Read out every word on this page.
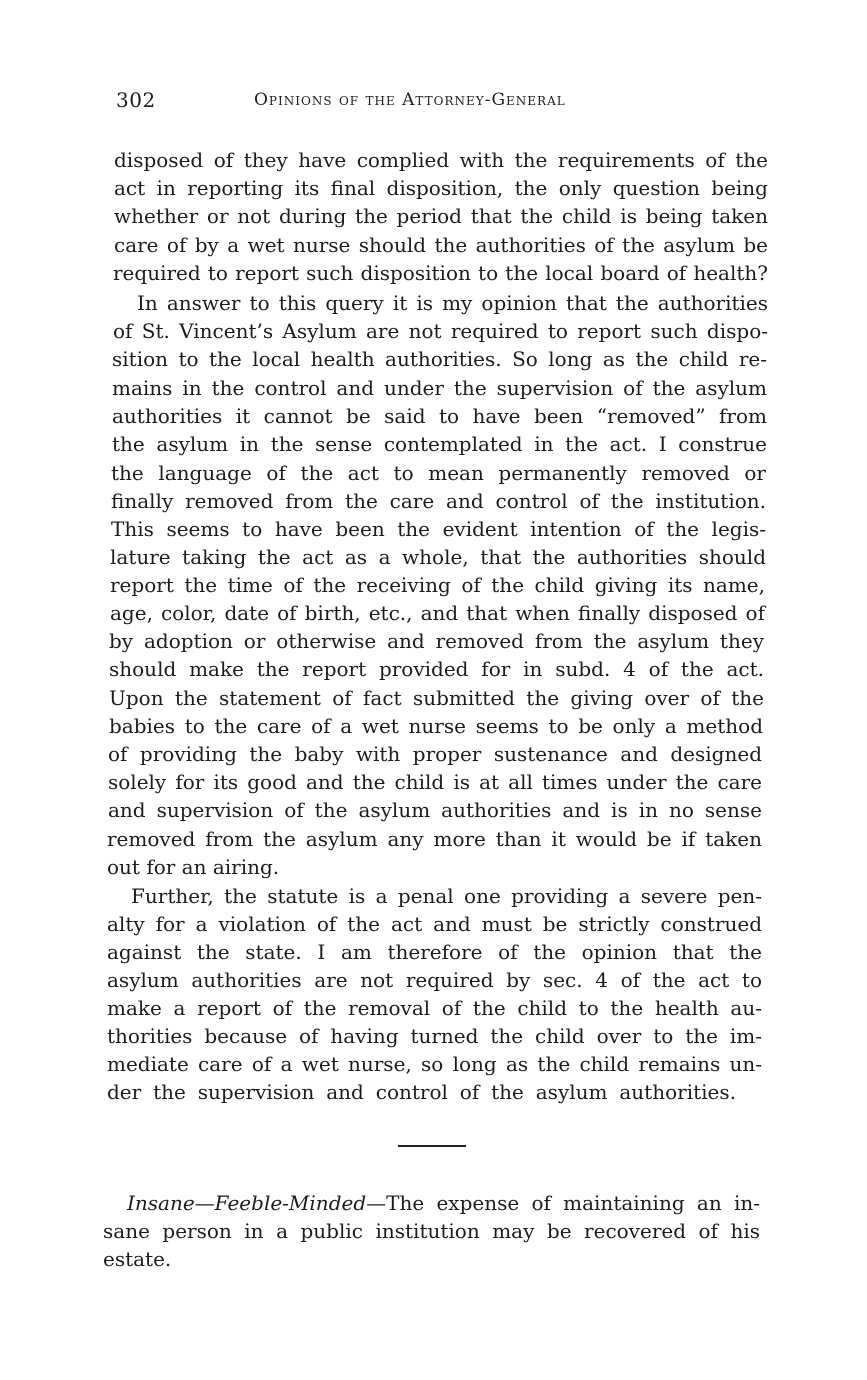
302	Opinions of the Attorney-General
disposed of they have complied with the requirements of the
act in reporting its final disposition, the only question being
whether or not during the period that the child is being taken
care of by a wet nurse should the authorities of the asylum be
required to report such disposition to the local board of health?
In answer to this query it is my opinion that the authorities
of St. Vincent’s Asylum are not required to report such dispo-
sition to the local health authorities. So long as the child re-
mains in the control and under the supervision of the asylum
authorities it cannot be said to have been “removed” from
the asylum in the sense contemplated in the act. I construe
the language of the act to mean permanently removed or
finally removed from the care and control of the institution.
This seems to have been the evident intention of the legis-
lature taking the act as a whole, that the authorities should
report the time of the receiving of the child giving its name,
age, color, date of birth, etc., and that when finally disposed of
by adoption or otherwise and removed from the asylum they
should make the report provided for in subd. 4 of the act.
Upon the statement of fact submitted the giving over of the
babies to the care of a wet nurse seems to be only a method
of providing the baby with proper sustenance and designed
solely for its good and the child is at all times under the care
and supervision of the asylum authorities and is in no sense
removed from the asylum any more than it would be if taken
out for an airing.
Further, the statute is a penal one providing a severe pen-
alty for a violation of the act and must be strictly construed
against the state. I am therefore of the opinion that the
asylum authorities are not required by sec. 4 of the act to
make a report of the removal of the child to the health au-
thorities because of having turned the child over to the im-
mediate care of a wet nurse, so long as the child remains un-
der the supervision and control of the asylum authorities.
Insane—Feeble-Minded—The expense of maintaining an in-
sane person in a public institution may be recovered of his
estate.
